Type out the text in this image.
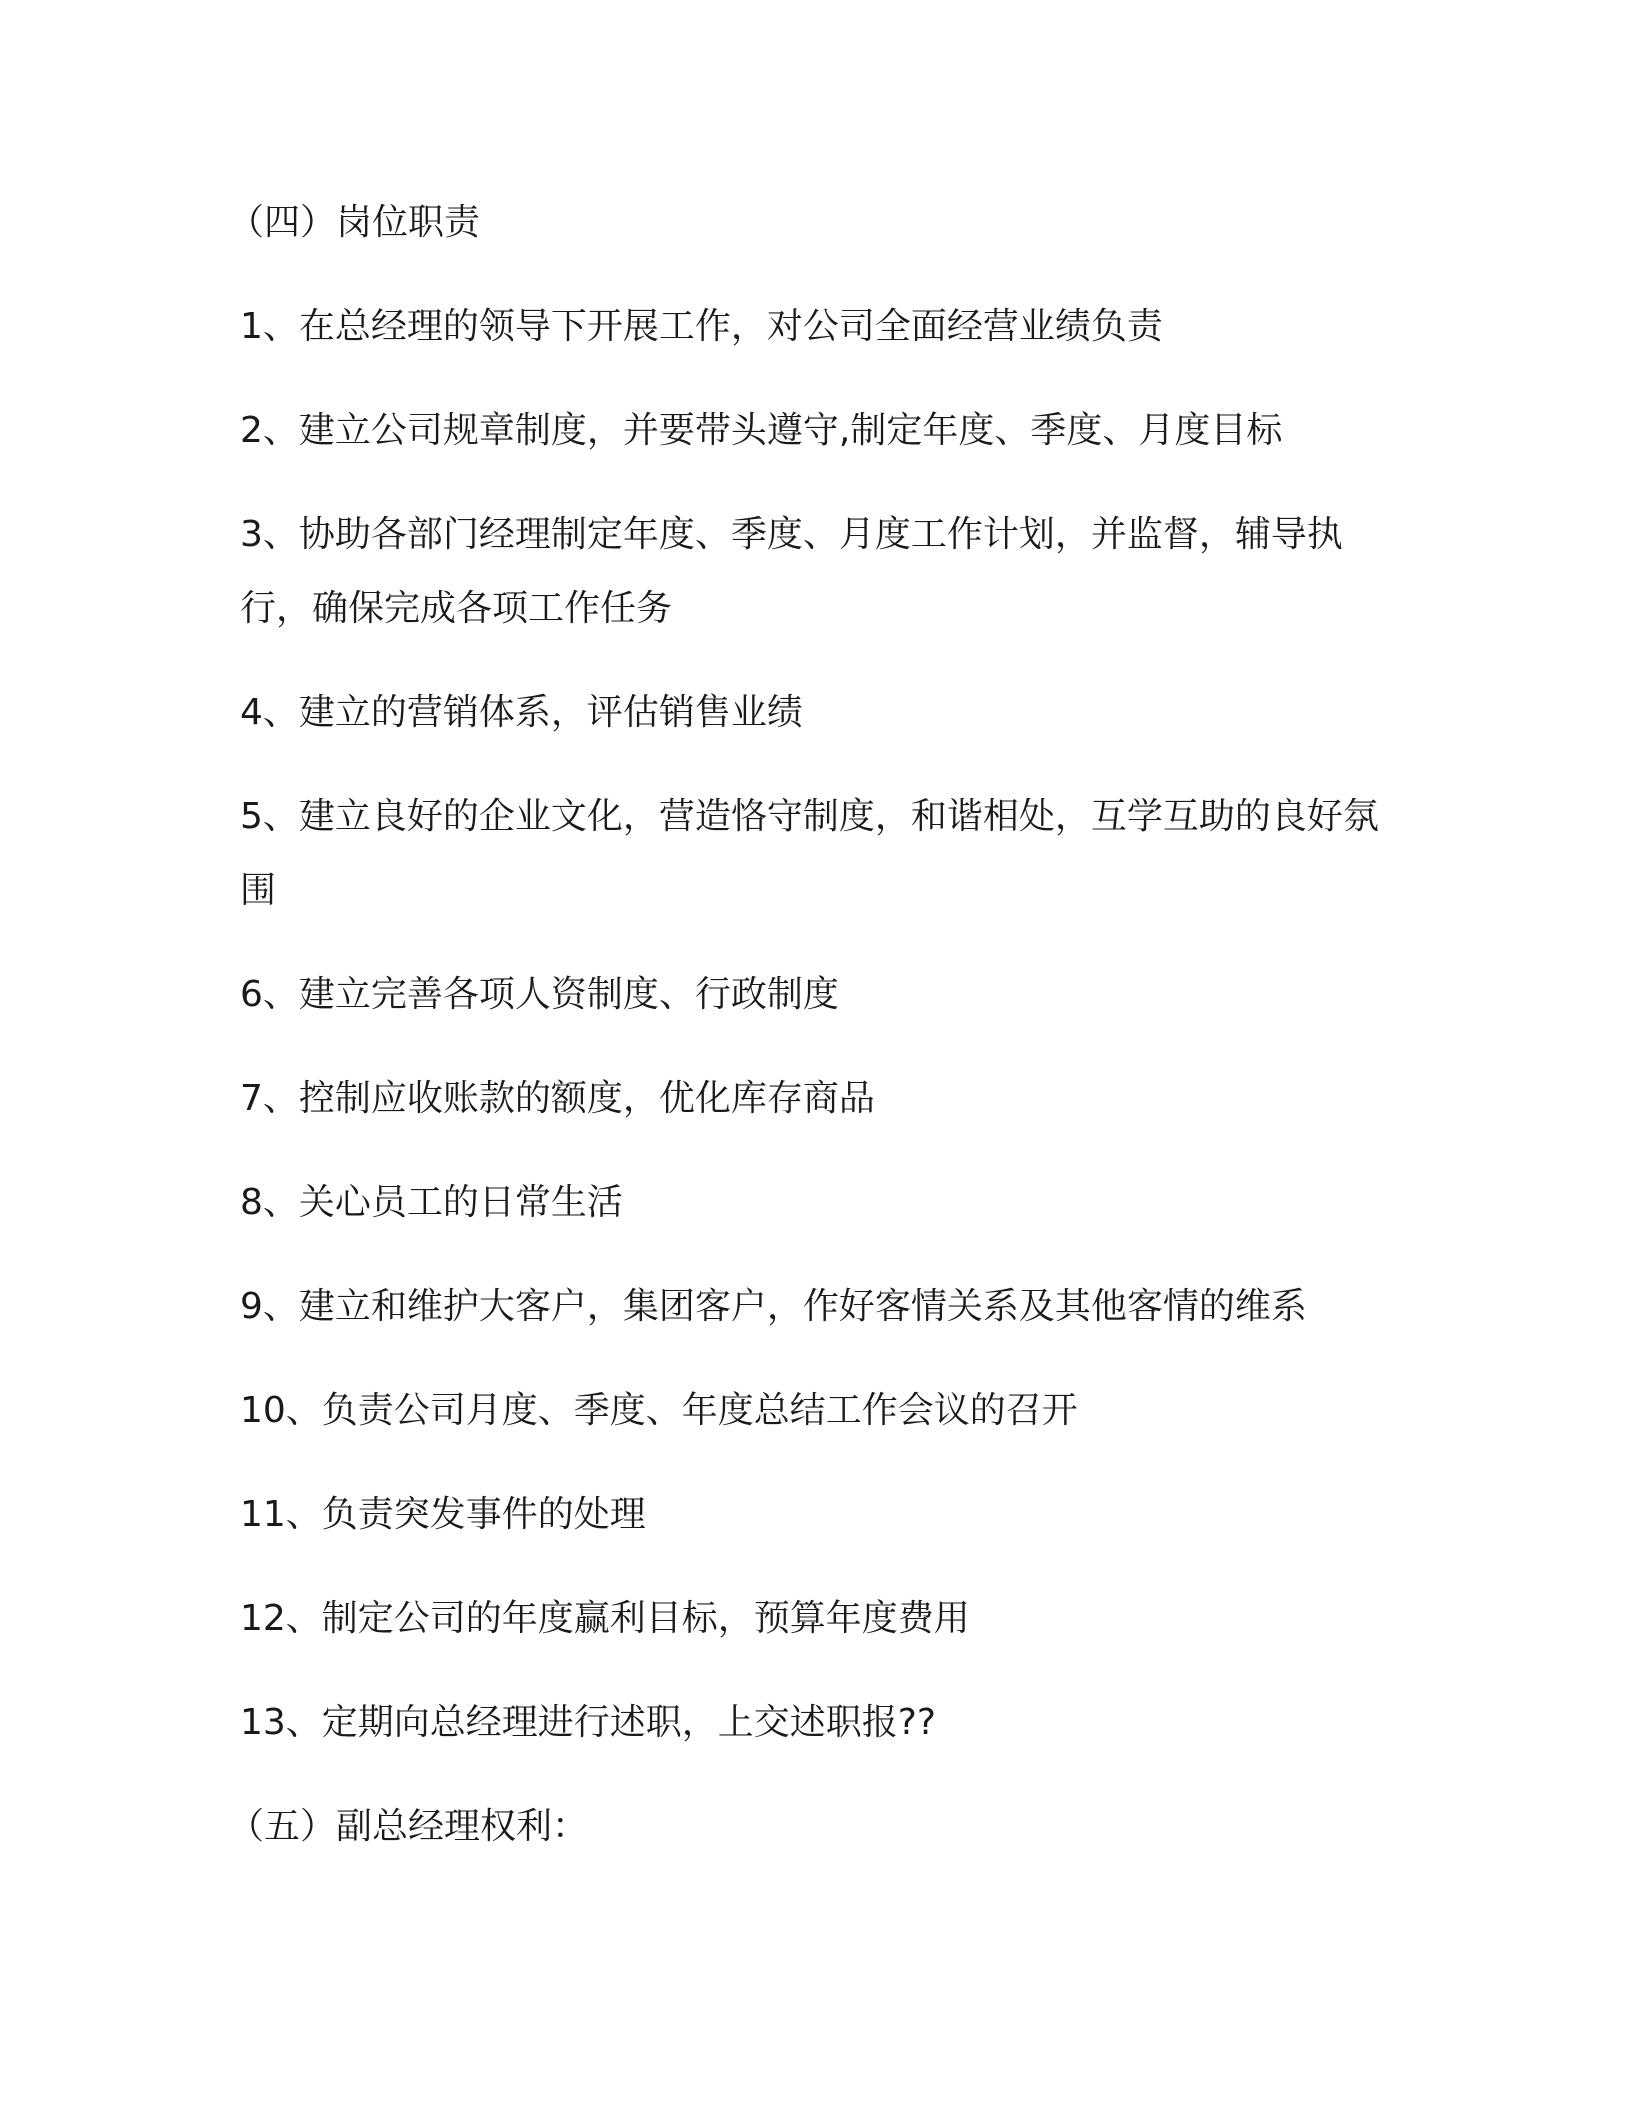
（四）岗位职责

1、在总经理的领导下开展工作，对公司全面经营业绩负责

2、建立公司规章制度，并要带头遵守,制定年度、季度、月度目标

3、协助各部门经理制定年度、季度、月度工作计划，并监督，辅导执行，确保完成各项工作任务

4、建立的营销体系，评估销售业绩

5、建立良好的企业文化，营造恪守制度，和谐相处，互学互助的良好氛围

6、建立完善各项人资制度、行政制度

7、控制应收账款的额度，优化库存商品

8、关心员工的日常生活

9、建立和维护大客户，集团客户，作好客情关系及其他客情的维系

10、负责公司月度、季度、年度总结工作会议的召开

11、负责突发事件的处理

12、制定公司的年度赢利目标，预算年度费用

13、定期向总经理进行述职，上交述职报??

（五）副总经理权利：
